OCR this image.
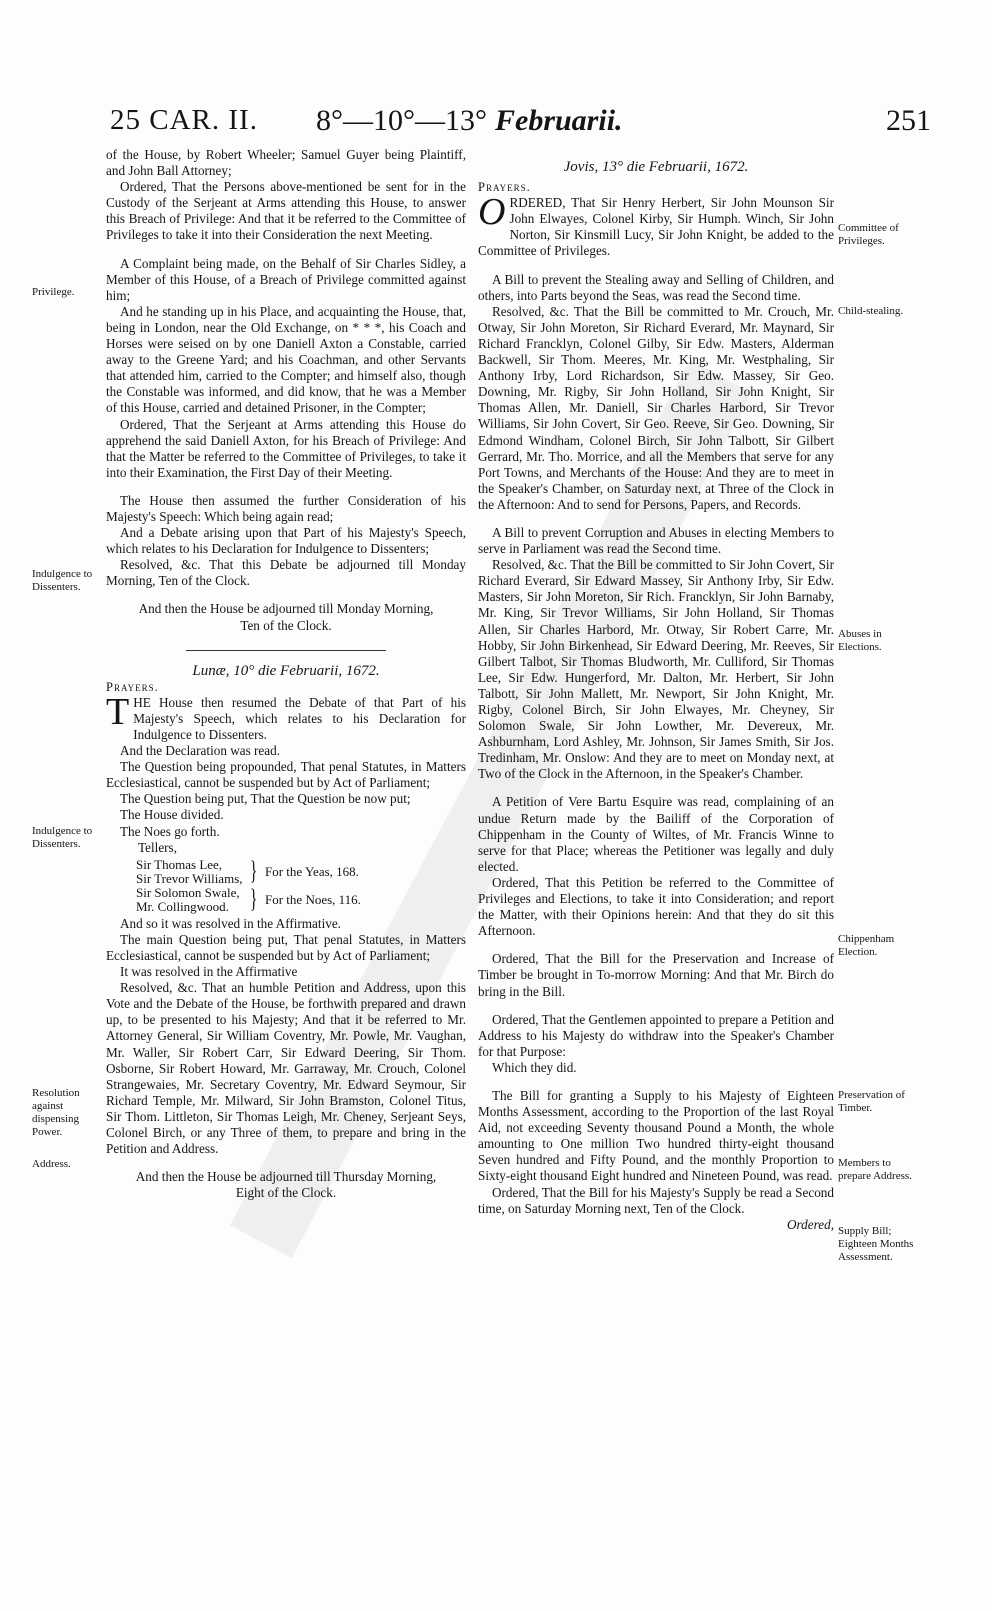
25 CAR. II. 8°—10°—13° Februarii.	251
Privilege.
Indulgence to Dissenters.
Indulgence to Dissenters.
Resolution against dispensing Power.
Address.
Committee of Privileges.
Child-stealing.
Abuses in Elections.
Chippenham Election.
Preservation of Timber.
Members to prepare Address.
Supply Bill; Eighteen Months Assessment.

of the House, by Robert Wheeler; Samuel Guyer being Plaintiff, and John Ball Attorney;

Ordered, That the Persons above-mentioned be sent for in the Custody of the Serjeant at Arms attending this House, to answer this Breach of Privilege: And that it be referred to the Committee of Privileges to take it into their Consideration the next Meeting.

A Complaint being made, on the Behalf of Sir Charles Sidley, a Member of this House, of a Breach of Privilege committed against him;

And he standing up in his Place, and acquainting the House, that, being in London, near the Old Exchange, on * * *, his Coach and Horses were seised on by one Daniell Axton a Constable, carried away to the Greene Yard; and his Coachman, and other Servants that attended him, carried to the Compter; and himself also, though the Constable was informed, and did know, that he was a Member of this House, carried and detained Prisoner, in the Compter;

Ordered, That the Serjeant at Arms attending this House do apprehend the said Daniell Axton, for his Breach of Privilege: And that the Matter be referred to the Committee of Privileges, to take it into their Examination, the First Day of their Meeting.

The House then assumed the further Consideration of his Majesty's Speech: Which being again read;

And a Debate arising upon that Part of his Majesty's Speech, which relates to his Declaration for Indulgence to Dissenters;

Resolved, &c. That this Debate be adjourned till Monday Morning, Ten of the Clock.

And then the House be adjourned till Monday Morning, Ten of the Clock.

Lunæ, 10° die Februarii, 1672.

Prayers.

THE House then resumed the Debate of that Part of his Majesty's Speech, which relates to his Declaration for Indulgence to Dissenters.

And the Declaration was read.

The Question being propounded, That penal Statutes, in Matters Ecclesiastical, cannot be suspended but by Act of Parliament;

The Question being put, That the Question be now put;

The House divided.

The Noes go forth.

Tellers,

Sir Thomas Lee,
Sir Trevor Williams,	}	For the Yeas, 168.

Sir Solomon Swale,
Mr. Collingwood.	}	For the Noes, 116.

And so it was resolved in the Affirmative.

The main Question being put, That penal Statutes, in Matters Ecclesiastical, cannot be suspended but by Act of Parliament;

It was resolved in the Affirmative

Resolved, &c. That an humble Petition and Address, upon this Vote and the Debate of the House, be forthwith prepared and drawn up, to be presented to his Majesty; And that it be referred to Mr. Attorney General, Sir William Coventry, Mr. Powle, Mr. Vaughan, Mr. Waller, Sir Robert Carr, Sir Edward Deering, Sir Thom. Osborne, Sir Robert Howard, Mr. Garraway, Mr. Crouch, Colonel Strangewaies, Mr. Secretary Coventry, Mr. Edward Seymour, Sir Richard Temple, Mr. Milward, Sir John Bramston, Colonel Titus, Sir Thom. Littleton, Sir Thomas Leigh, Mr. Cheney, Serjeant Seys, Colonel Birch, or any Three of them, to prepare and bring in the Petition and Address.

And then the House be adjourned till Thursday Morning, Eight of the Clock.

Jovis, 13° die Februarii, 1672.

Prayers.

ORDERED, That Sir Henry Herbert, Sir John Mounson Sir John Elwayes, Colonel Kirby, Sir Humph. Winch, Sir John Norton, Sir Kinsmill Lucy, Sir John Knight, be added to the Committee of Privileges.

A Bill to prevent the Stealing away and Selling of Children, and others, into Parts beyond the Seas, was read the Second time.

Resolved, &c. That the Bill be committed to Mr. Crouch, Mr. Otway, Sir John Moreton, Sir Richard Everard, Mr. Maynard, Sir Richard Francklyn, Colonel Gilby, Sir Edw. Masters, Alderman Backwell, Sir Thom. Meeres, Mr. King, Mr. Westphaling, Sir Anthony Irby, Lord Richardson, Sir Edw. Massey, Sir Geo. Downing, Mr. Rigby, Sir John Holland, Sir John Knight, Sir Thomas Allen, Mr. Daniell, Sir Charles Harbord, Sir Trevor Williams, Sir John Covert, Sir Geo. Reeve, Sir Geo. Downing, Sir Edmond Windham, Colonel Birch, Sir John Talbott, Sir Gilbert Gerrard, Mr. Tho. Morrice, and all the Members that serve for any Port Towns, and Merchants of the House: And they are to meet in the Speaker's Chamber, on Saturday next, at Three of the Clock in the Afternoon: And to send for Persons, Papers, and Records.

A Bill to prevent Corruption and Abuses in electing Members to serve in Parliament was read the Second time.

Resolved, &c. That the Bill be committed to Sir John Covert, Sir Richard Everard, Sir Edward Massey, Sir Anthony Irby, Sir Edw. Masters, Sir John Moreton, Sir Rich. Francklyn, Sir John Barnaby, Mr. King, Sir Trevor Williams, Sir John Holland, Sir Thomas Allen, Sir Charles Harbord, Mr. Otway, Sir Robert Carre, Mr. Hobby, Sir John Birkenhead, Sir Edward Deering, Mr. Reeves, Sir Gilbert Talbot, Sir Thomas Bludworth, Mr. Culliford, Sir Thomas Lee, Sir Edw. Hungerford, Mr. Dalton, Mr. Herbert, Sir John Talbott, Sir John Mallett, Mr. Newport, Sir John Knight, Mr. Rigby, Colonel Birch, Sir John Elwayes, Mr. Cheyney, Sir Solomon Swale, Sir John Lowther, Mr. Devereux, Mr. Ashburnham, Lord Ashley, Mr. Johnson, Sir James Smith, Sir Jos. Tredinham, Mr. Onslow: And they are to meet on Monday next, at Two of the Clock in the Afternoon, in the Speaker's Chamber.

A Petition of Vere Bartu Esquire was read, complaining of an undue Return made by the Bailiff of the Corporation of Chippenham in the County of Wiltes, of Mr. Francis Winne to serve for that Place; whereas the Petitioner was legally and duly elected.

Ordered, That this Petition be referred to the Committee of Privileges and Elections, to take it into Consideration; and report the Matter, with their Opinions herein: And that they do sit this Afternoon.

Ordered, That the Bill for the Preservation and Increase of Timber be brought in To-morrow Morning: And that Mr. Birch do bring in the Bill.

Ordered, That the Gentlemen appointed to prepare a Petition and Address to his Majesty do withdraw into the Speaker's Chamber for that Purpose:

Which they did.

The Bill for granting a Supply to his Majesty of Eighteen Months Assessment, according to the Proportion of the last Royal Aid, not exceeding Seventy thousand Pound a Month, the whole amounting to One million Two hundred thirty-eight thousand Seven hundred and Fifty Pound, and the monthly Proportion to Sixty-eight thousand Eight hundred and Nineteen Pound, was read.

Ordered, That the Bill for his Majesty's Supply be read a Second time, on Saturday Morning next, Ten of the Clock.

Ordered,
